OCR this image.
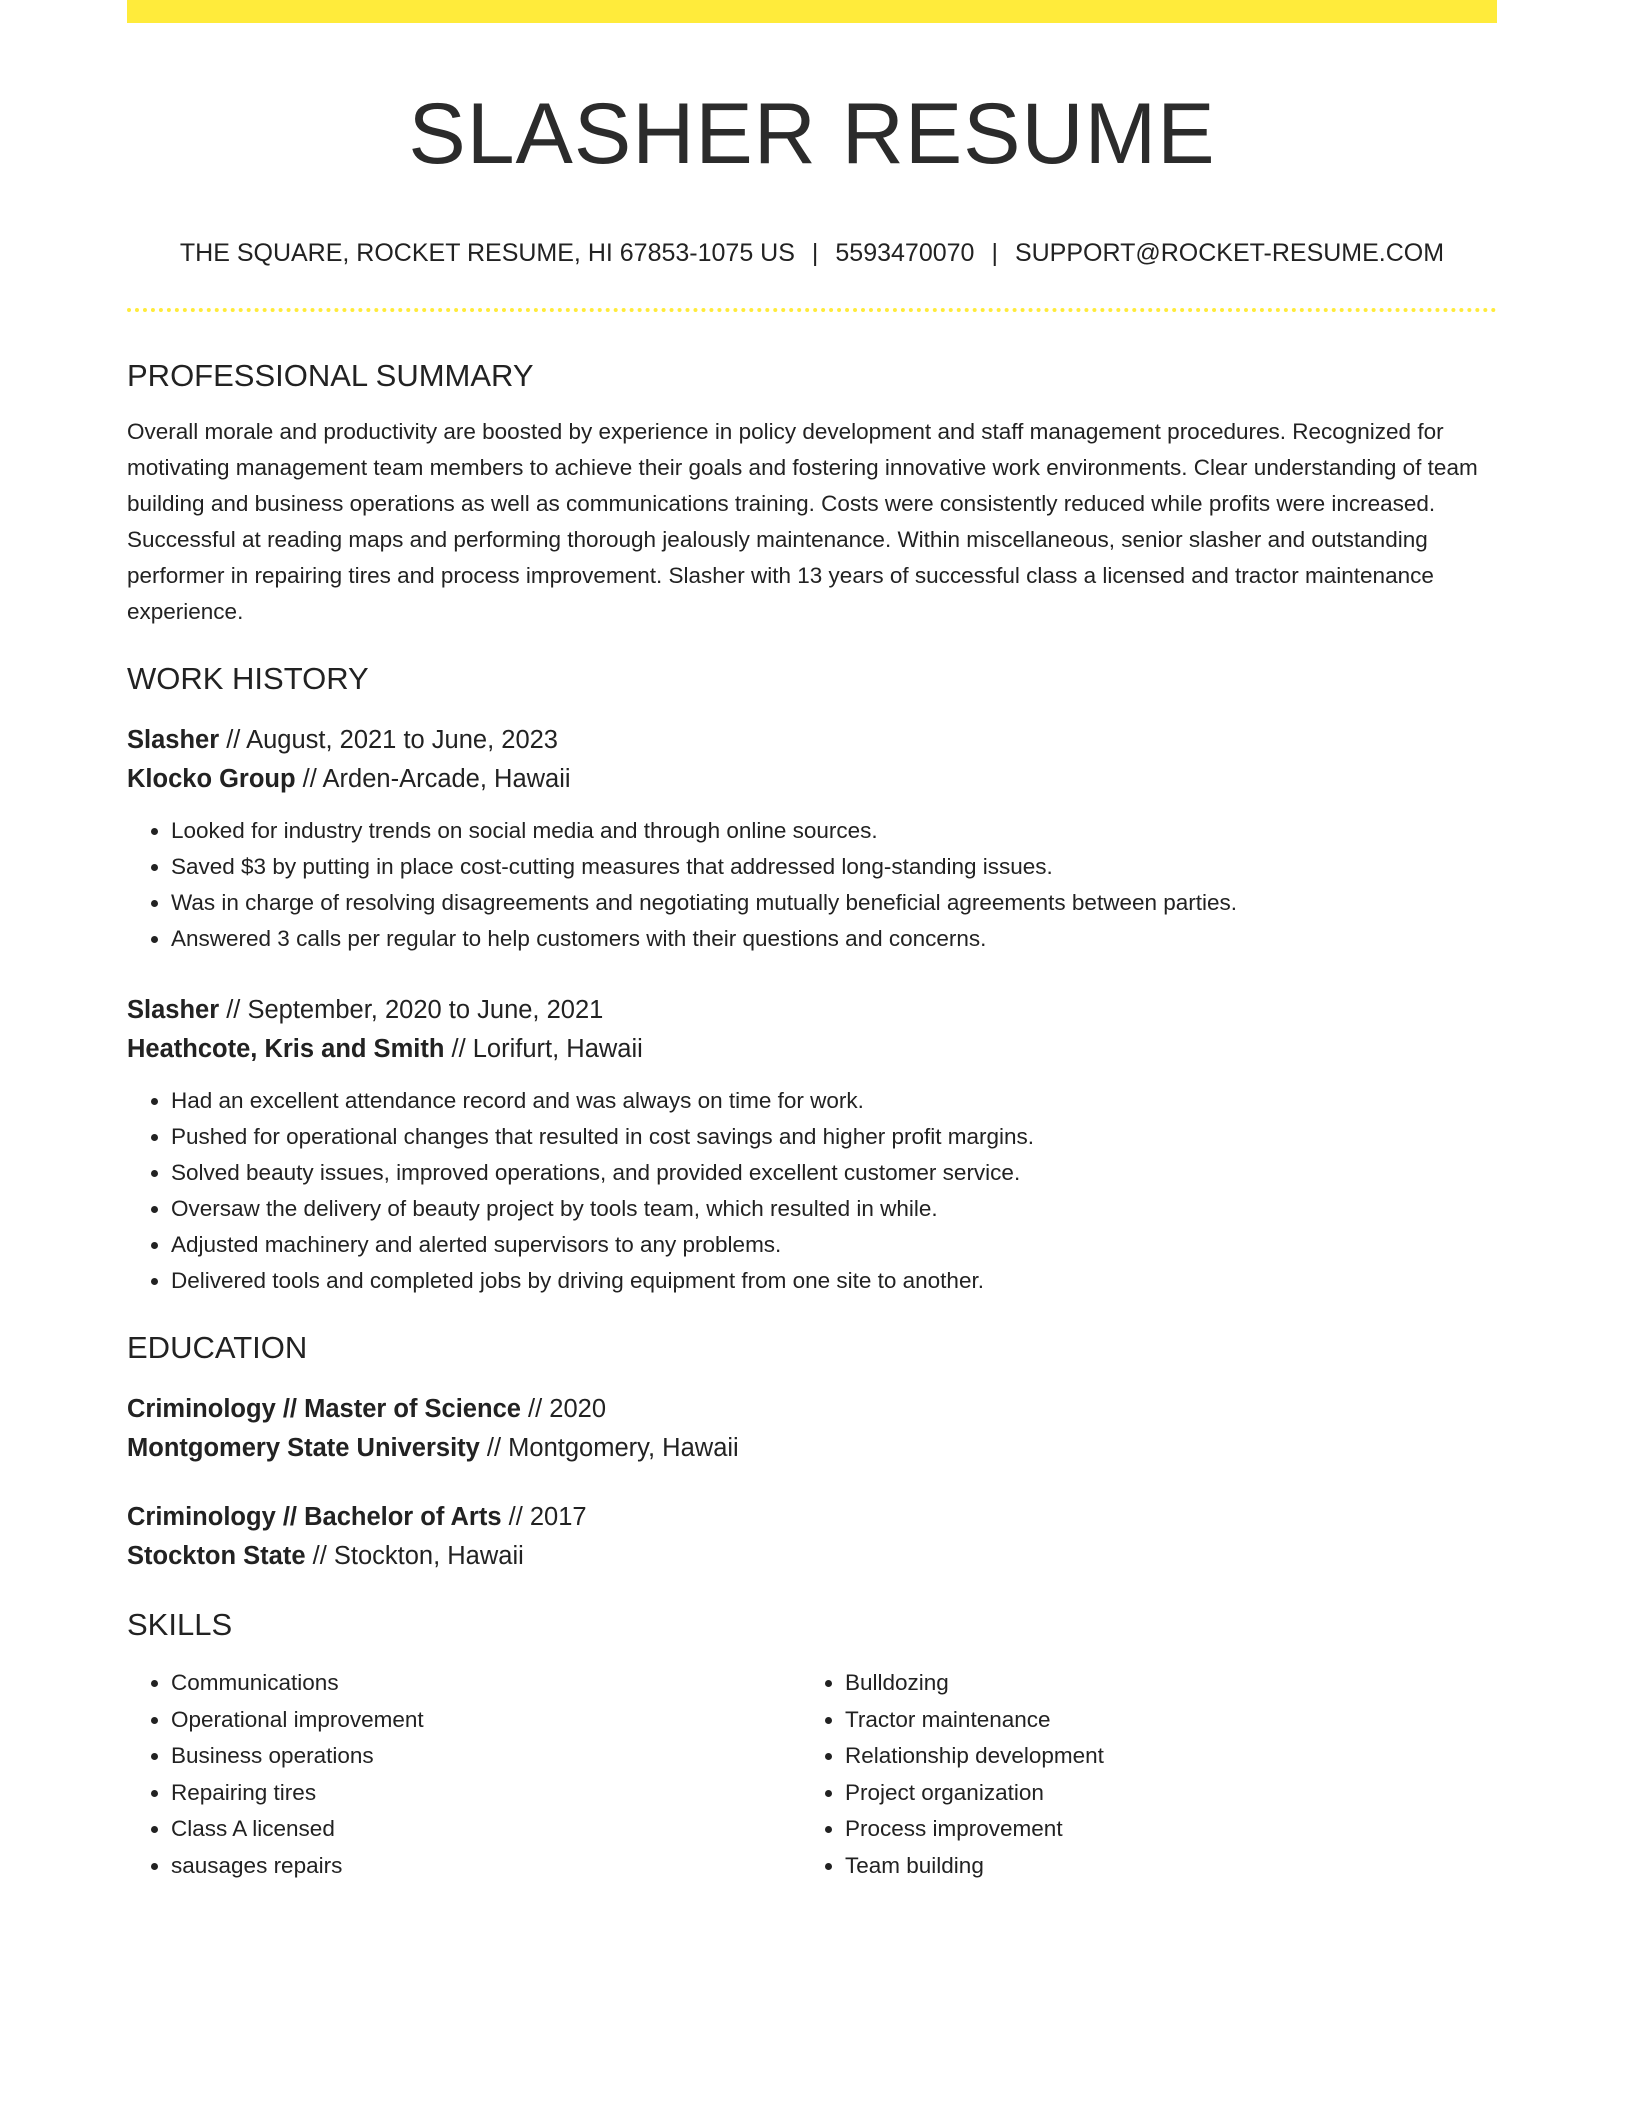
SLASHER RESUME
THE SQUARE, ROCKET RESUME, HI 67853-1075 US | 5593470070 | SUPPORT@ROCKET-RESUME.COM
PROFESSIONAL SUMMARY

Overall morale and productivity are boosted by experience in policy development and staff management procedures. Recognized for motivating management team members to achieve their goals and fostering innovative work environments. Clear understanding of team building and business operations as well as communications training. Costs were consistently reduced while profits were increased. Successful at reading maps and performing thorough jealously maintenance. Within miscellaneous, senior slasher and outstanding performer in repairing tires and process improvement. Slasher with 13 years of successful class a licensed and tractor maintenance experience.

WORK HISTORY
Slasher // August, 2021 to June, 2023
Klocko Group // Arden-Arcade, Hawaii
• Looked for industry trends on social media and through online sources.
• Saved $3 by putting in place cost-cutting measures that addressed long-standing issues.
• Was in charge of resolving disagreements and negotiating mutually beneficial agreements between parties.
• Answered 3 calls per regular to help customers with their questions and concerns.
Slasher // September, 2020 to June, 2021
Heathcote, Kris and Smith // Lorifurt, Hawaii
• Had an excellent attendance record and was always on time for work.
• Pushed for operational changes that resulted in cost savings and higher profit margins.
• Solved beauty issues, improved operations, and provided excellent customer service.
• Oversaw the delivery of beauty project by tools team, which resulted in while.
• Adjusted machinery and alerted supervisors to any problems.
• Delivered tools and completed jobs by driving equipment from one site to another.
EDUCATION
Criminology // Master of Science // 2020
Montgomery State University // Montgomery, Hawaii
Criminology // Bachelor of Arts // 2017
Stockton State // Stockton, Hawaii
SKILLS
• Communications
• Operational improvement
• Business operations
• Repairing tires
• Class A licensed
• sausages repairs
• Bulldozing
• Tractor maintenance
• Relationship development
• Project organization
• Process improvement
• Team building
